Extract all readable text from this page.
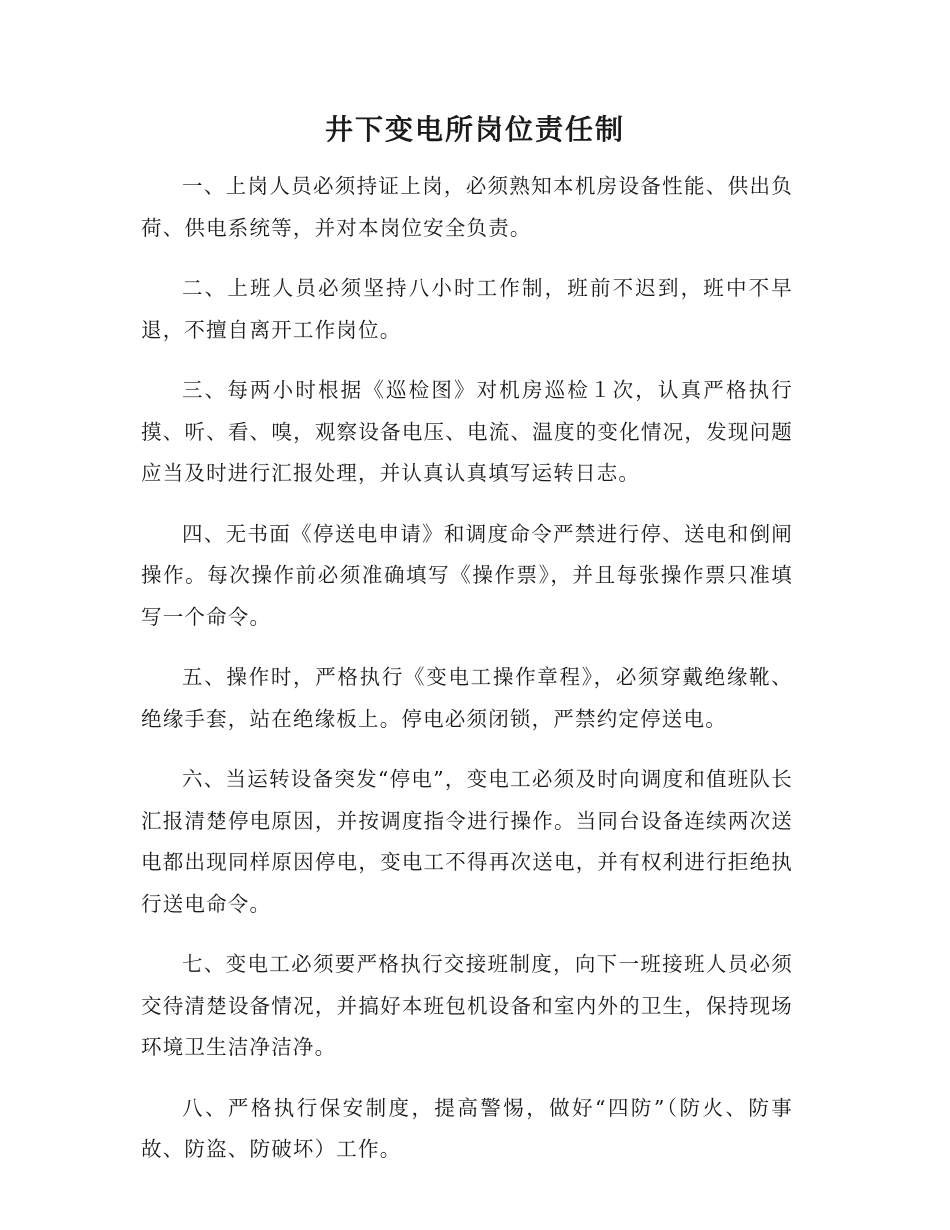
井下变电所岗位责任制

一、上岗人员必须持证上岗，必须熟知本机房设备性能、供出负荷、供电系统等，并对本岗位安全负责。

二、上班人员必须坚持八小时工作制，班前不迟到，班中不早退，不擅自离开工作岗位。

三、每两小时根据《巡检图》对机房巡检１次，认真严格执行摸、听、看、嗅，观察设备电压、电流、温度的变化情况，发现问题应当及时进行汇报处理，并认真认真填写运转日志。

四、无书面《停送电申请》和调度命令严禁进行停、送电和倒闸操作。每次操作前必须准确填写《操作票》，并且每张操作票只准填写一个命令。

五、操作时，严格执行《变电工操作章程》，必须穿戴绝缘靴、绝缘手套，站在绝缘板上。停电必须闭锁，严禁约定停送电。

六、当运转设备突发“停电”，变电工必须及时向调度和值班队长汇报清楚停电原因，并按调度指令进行操作。当同台设备连续两次送电都出现同样原因停电，变电工不得再次送电，并有权利进行拒绝执行送电命令。

七、变电工必须要严格执行交接班制度，向下一班接班人员必须交待清楚设备情况，并搞好本班包机设备和室内外的卫生，保持现场环境卫生洁净洁净。

八、严格执行保安制度，提高警惕，做好“四防”（防火、防事故、防盗、防破坏）工作。
